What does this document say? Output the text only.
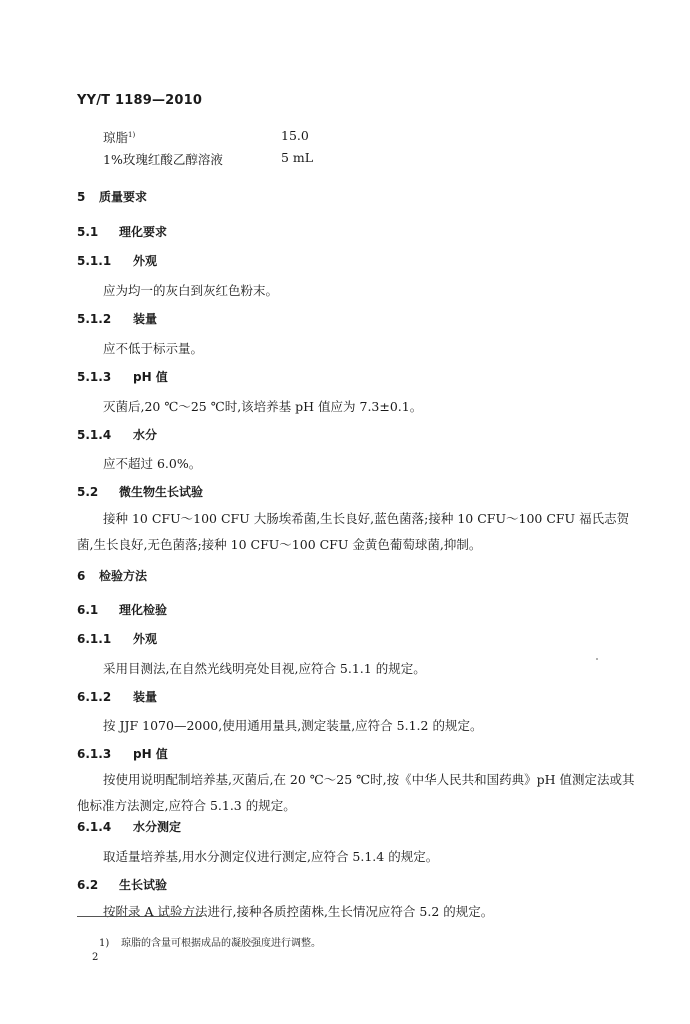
YY/T 1189—2010
琼脂$^{1)}$	15.0
1%玫瑰红酸乙醇溶液	5 mL
5 质量要求
5.1 理化要求
5.1.1 外观
应为均一的灰白到灰红色粉末。
5.1.2 装量
应不低于标示量。
5.1.3 pH 值
灭菌后,20 ℃～25 ℃时,该培养基 pH 值应为 7.3±0.1。
5.1.4 水分
应不超过 6.0%。
5.2 微生物生长试验
接种 10 CFU～100 CFU 大肠埃希菌,生长良好,蓝色菌落;接种 10 CFU～100 CFU 福氏志贺菌,生长良好,无色菌落;接种 10 CFU～100 CFU 金黄色葡萄球菌,抑制。
6 检验方法
6.1 理化检验
6.1.1 外观
采用目测法,在自然光线明亮处目视,应符合 5.1.1 的规定。
6.1.2 装量
按 JJF 1070—2000,使用通用量具,测定装量,应符合 5.1.2 的规定。
6.1.3 pH 值
按使用说明配制培养基,灭菌后,在 20 ℃～25 ℃时,按《中华人民共和国药典》pH 值测定法或其他标准方法测定,应符合 5.1.3 的规定。
6.1.4 水分测定
取适量培养基,用水分测定仪进行测定,应符合 5.1.4 的规定。
6.2 生长试验
按附录 A 试验方法进行,接种各质控菌株,生长情况应符合 5.2 的规定。
1) 琼脂的含量可根据成品的凝胶强度进行调整。
2
